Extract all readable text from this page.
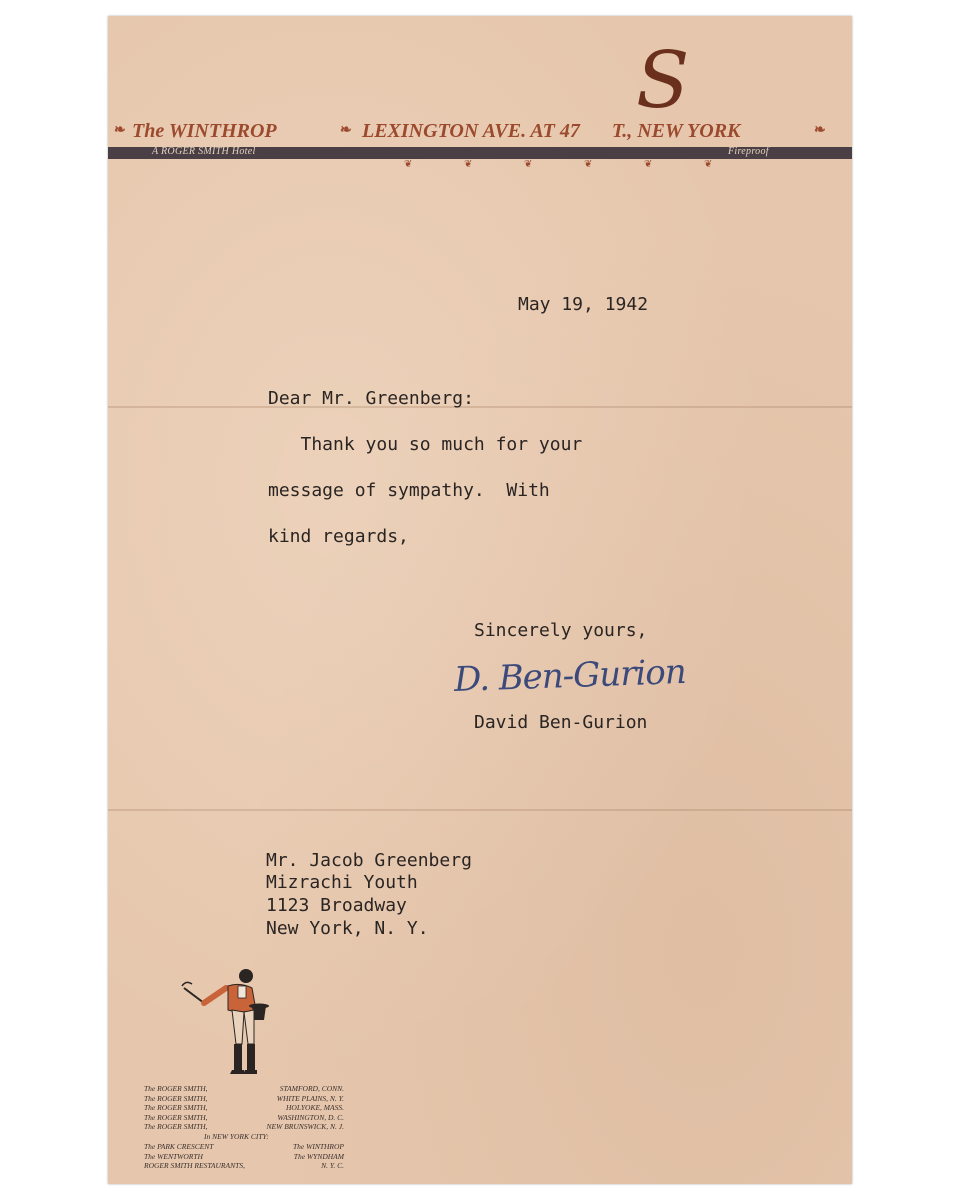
❧ The WINTHROP	❧ LEXINGTON AVE. AT 47 T., NEW YORK	❧
S
A ROGER SMITH Hotel	Fireproof
❦	❦	❦	❦	❦	❦
May 19, 1942
Dear Mr. Greenberg:
Thank you so much for your
message of sympathy.  With
kind regards,
Sincerely yours,
D. Ben-Gurion
David Ben-Gurion
Mr. Jacob Greenberg
Mizrachi Youth
1123 Broadway
New York, N. Y.
The ROGER SMITH,	STAMFORD, CONN.
The ROGER SMITH,	WHITE PLAINS, N. Y.
The ROGER SMITH,	HOLYOKE, MASS.
The ROGER SMITH,	WASHINGTON, D. C.
The ROGER SMITH,	NEW BRUNSWICK, N. J.
In NEW YORK CITY:
The PARK CRESCENT	The WINTHROP
The WENTWORTH	The WYNDHAM
ROGER SMITH RESTAURANTS,	N. Y. C.
